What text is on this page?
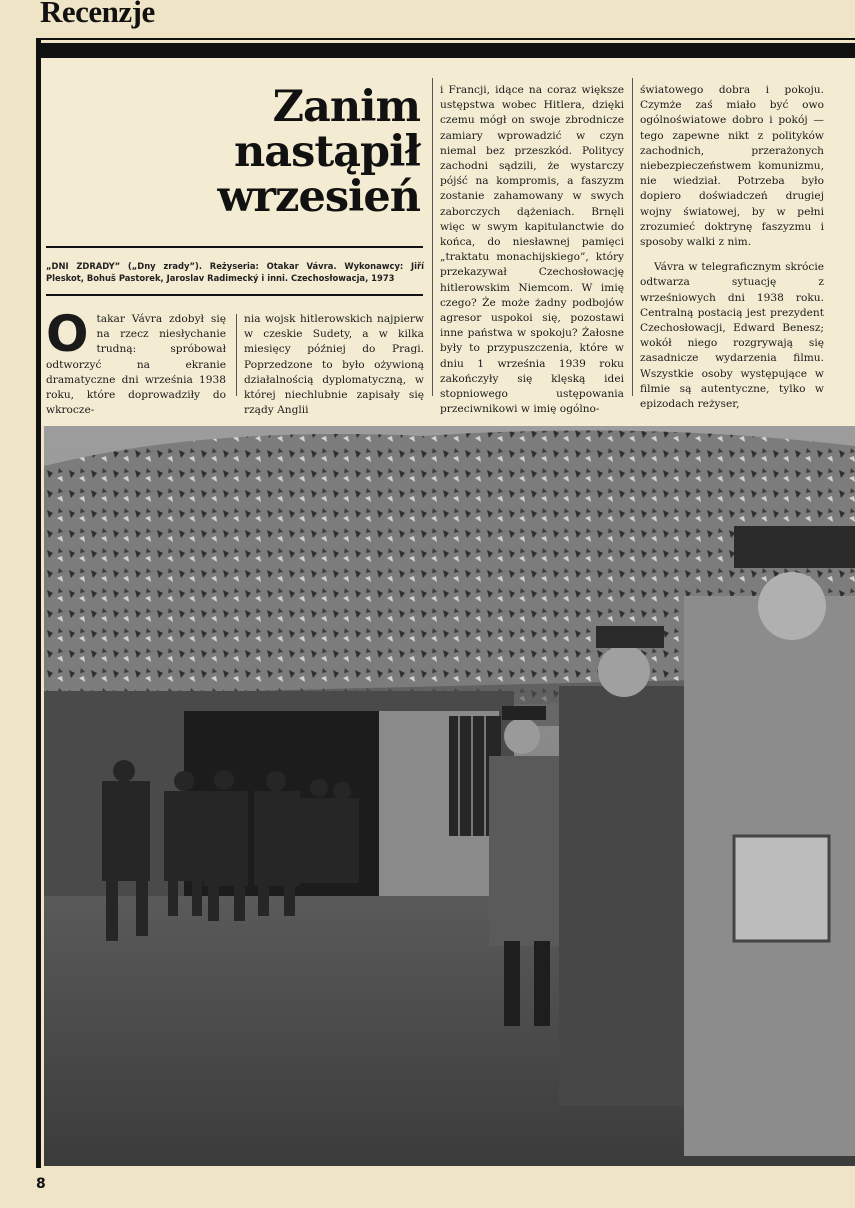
Recenzje
Zanim nastąpił wrzesień
„DNI ZDRADY” („Dny zrady”). Reżyseria: Otakar Vávra. Wykonawcy: Jiří Pleskot, Bohuš Pastorek, Jaroslav Radimecký i inni. Czechosłowacja, 1973

Otakar Vávra zdobył się na rzecz niesłychanie trudną: spróbował odtworzyć na ekranie dramatyczne dni września 1938 roku, które doprowadziły do wkrocze-

nia wojsk hitlerowskich najpierw w czeskie Sudety, a w kilka miesięcy później do Pragi. Poprzedzone to było ożywioną działalnością dyplomatyczną, w której niechlubnie zapisały się rządy Anglii

i Francji, idące na coraz większe ustępstwa wobec Hitlera, dzięki czemu mógł on swoje zbrodnicze zamiary wprowadzić w czyn niemal bez przeszkód. Politycy zachodni sądzili, że wystarczy pójść na kompromis, a faszyzm zostanie zahamowany w swych zaborczych dążeniach. Brnęli więc w swym kapitulanctwie do końca, do niesławnej pamięci „traktatu monachijskiego”, który przekazywał Czechosłowację hitlerowskim Niemcom. W imię czego? Że może żadny podbojów agresor uspokoi się, pozostawi inne państwa w spokoju? Żałosne były to przypuszczenia, które w dniu 1 września 1939 roku zakończyły się klęską idei stopniowego ustępowania przeciwnikowi w imię ogólno-

światowego dobra i pokoju. Czymże zaś miało być owo ogólnoświatowe dobro i pokój — tego zapewne nikt z polityków zachodnich, przerażonych niebezpieczeństwem komunizmu, nie wiedział. Potrzeba było dopiero doświadczeń drugiej wojny światowej, by w pełni zrozumieć doktrynę faszyzmu i sposoby walki z nim.

Vávra w telegraficznym skrócie odtwarza sytuację z wrześniowych dni 1938 roku. Centralną postacią jest prezydent Czechosłowacji, Edward Benesz; wokół niego rozgrywają się zasadnicze wydarzenia filmu. Wszystkie osoby występujące w filmie są autentyczne, tylko w epizodach reżyser,

8
